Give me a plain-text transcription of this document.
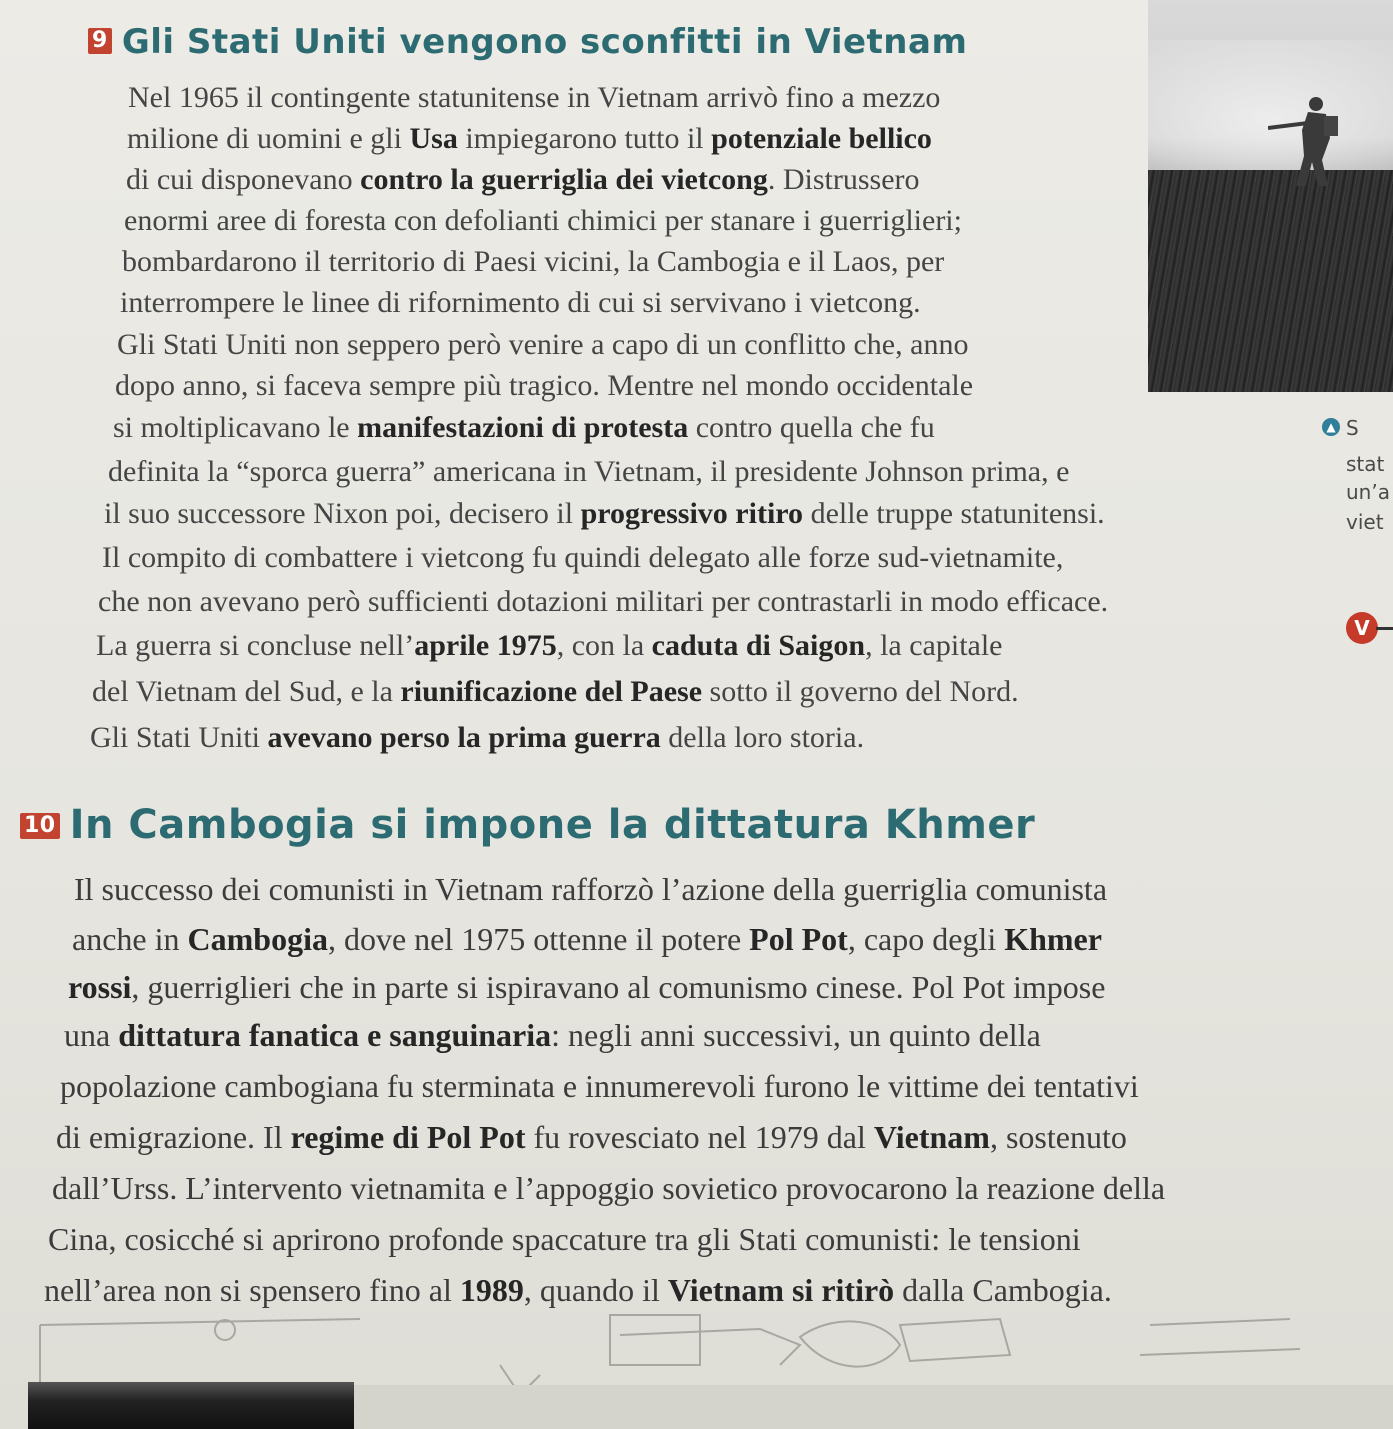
9 Gli Stati Uniti vengono sconfitti in Vietnam
Nel 1965 il contingente statunitense in Vietnam arrivò fino a mezzo
milione di uomini e gli Usa impiegarono tutto il potenziale bellico
di cui disponevano contro la guerriglia dei vietcong. Distrussero
enormi aree di foresta con defolianti chimici per stanare i guerriglieri;
bombardarono il territorio di Paesi vicini, la Cambogia e il Laos, per
interrompere le linee di rifornimento di cui si servivano i vietcong.
Gli Stati Uniti non seppero però venire a capo di un conflitto che, anno
dopo anno, si faceva sempre più tragico. Mentre nel mondo occidentale
si moltiplicavano le manifestazioni di protesta contro quella che fu
definita la “sporca guerra” americana in Vietnam, il presidente Johnson prima, e
il suo successore Nixon poi, decisero il progressivo ritiro delle truppe statunitensi.
Il compito di combattere i vietcong fu quindi delegato alle forze sud-vietnamite,
che non avevano però sufficienti dotazioni militari per contrastarli in modo efficace.
La guerra si concluse nell’aprile 1975, con la caduta di Saigon, la capitale
del Vietnam del Sud, e la riunificazione del Paese sotto il governo del Nord.
Gli Stati Uniti avevano perso la prima guerra della loro storia.
10 In Cambogia si impone la dittatura Khmer
Il successo dei comunisti in Vietnam rafforzò l’azione della guerriglia comunista
anche in Cambogia, dove nel 1975 ottenne il potere Pol Pot, capo degli Khmer
rossi, guerriglieri che in parte si ispiravano al comunismo cinese. Pol Pot impose
una dittatura fanatica e sanguinaria: negli anni successivi, un quinto della
popolazione cambogiana fu sterminata e innumerevoli furono le vittime dei tentativi
di emigrazione. Il regime di Pol Pot fu rovesciato nel 1979 dal Vietnam, sostenuto
dall’Urss. L’intervento vietnamita e l’appoggio sovietico provocarono la reazione della
Cina, cosicché si aprirono profonde spaccature tra gli Stati comunisti: le tensioni
nell’area non si spensero fino al 1989, quando il Vietnam si ritirò dalla Cambogia.
▲ S
stat
un’a
viet
V
